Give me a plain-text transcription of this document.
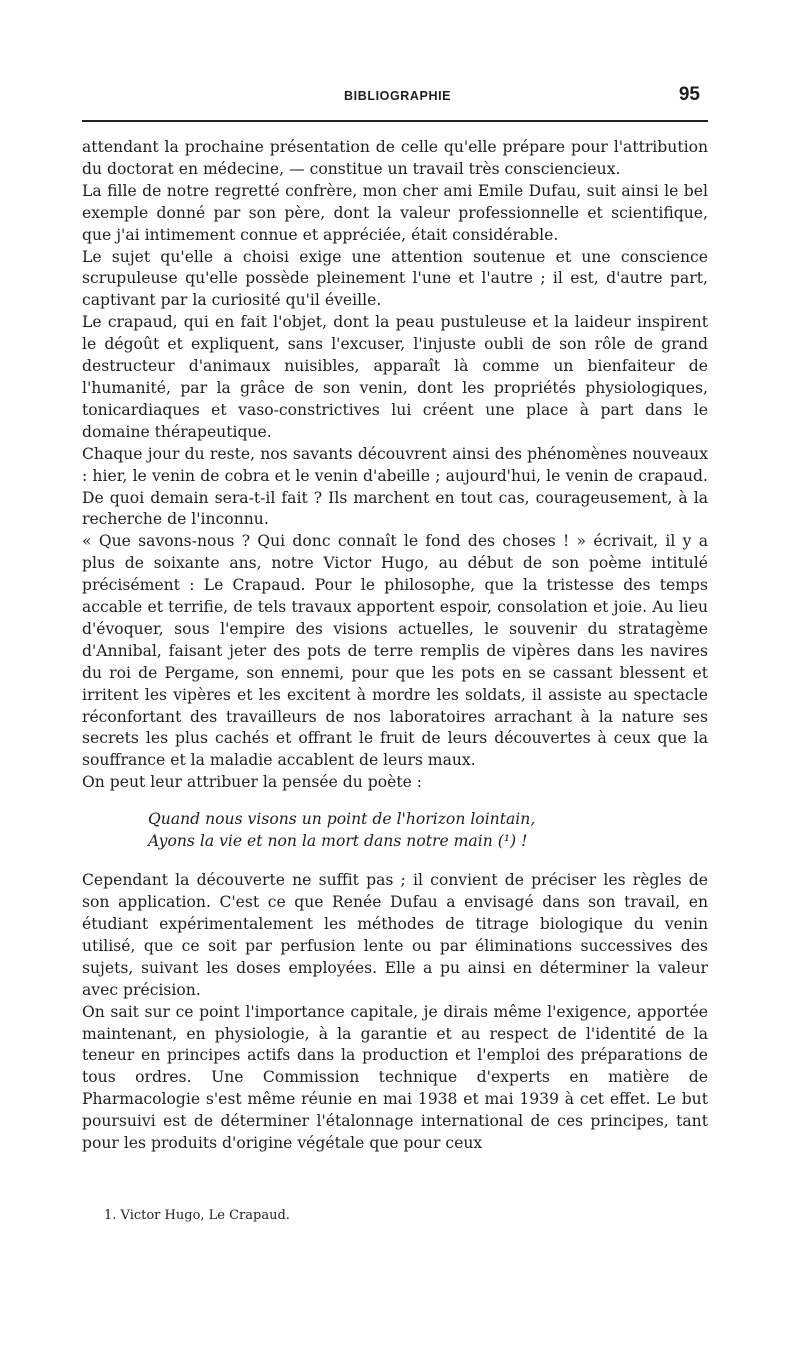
BIBLIOGRAPHIE	95

attendant la prochaine présentation de celle qu'elle prépare pour l'attribution du doctorat en médecine, — constitue un travail très consciencieux.

La fille de notre regretté confrère, mon cher ami Emile Dufau, suit ainsi le bel exemple donné par son père, dont la valeur professionnelle et scientifique, que j'ai intimement connue et appréciée, était considérable.

Le sujet qu'elle a choisi exige une attention soutenue et une conscience scrupuleuse qu'elle possède pleinement l'une et l'autre ; il est, d'autre part, captivant par la curiosité qu'il éveille.

Le crapaud, qui en fait l'objet, dont la peau pustuleuse et la laideur inspirent le dégoût et expliquent, sans l'excuser, l'injuste oubli de son rôle de grand destructeur d'animaux nuisibles, apparaît là comme un bienfaiteur de l'humanité, par la grâce de son venin, dont les propriétés physiologiques, tonicardiaques et vaso-constrictives lui créent une place à part dans le domaine thérapeutique.

Chaque jour du reste, nos savants découvrent ainsi des phénomènes nouveaux : hier, le venin de cobra et le venin d'abeille ; aujourd'hui, le venin de crapaud. De quoi demain sera-t-il fait ? Ils marchent en tout cas, courageusement, à la recherche de l'inconnu.

« Que savons-nous ? Qui donc connaît le fond des choses ! » écrivait, il y a plus de soixante ans, notre Victor Hugo, au début de son poème intitulé précisément : Le Crapaud. Pour le philosophe, que la tristesse des temps accable et terrifie, de tels travaux apportent espoir, consolation et joie. Au lieu d'évoquer, sous l'empire des visions actuelles, le souvenir du stratagème d'Annibal, faisant jeter des pots de terre remplis de vipères dans les navires du roi de Pergame, son ennemi, pour que les pots en se cassant blessent et irritent les vipères et les excitent à mordre les soldats, il assiste au spectacle réconfortant des travailleurs de nos laboratoires arrachant à la nature ses secrets les plus cachés et offrant le fruit de leurs découvertes à ceux que la souffrance et la maladie accablent de leurs maux.

On peut leur attribuer la pensée du poète :

Quand nous visons un point de l'horizon lointain,
Ayons la vie et non la mort dans notre main (¹) !

Cependant la découverte ne suffit pas ; il convient de préciser les règles de son application. C'est ce que Renée Dufau a envisagé dans son travail, en étudiant expérimentalement les méthodes de titrage biologique du venin utilisé, que ce soit par perfusion lente ou par éliminations successives des sujets, suivant les doses employées. Elle a pu ainsi en déterminer la valeur avec précision.

On sait sur ce point l'importance capitale, je dirais même l'exigence, apportée maintenant, en physiologie, à la garantie et au respect de l'identité de la teneur en principes actifs dans la production et l'emploi des préparations de tous ordres. Une Commission technique d'experts en matière de Pharmacologie s'est même réunie en mai 1938 et mai 1939 à cet effet. Le but poursuivi est de déterminer l'étalonnage international de ces principes, tant pour les produits d'origine végétale que pour ceux

1. Victor Hugo, Le Crapaud.
